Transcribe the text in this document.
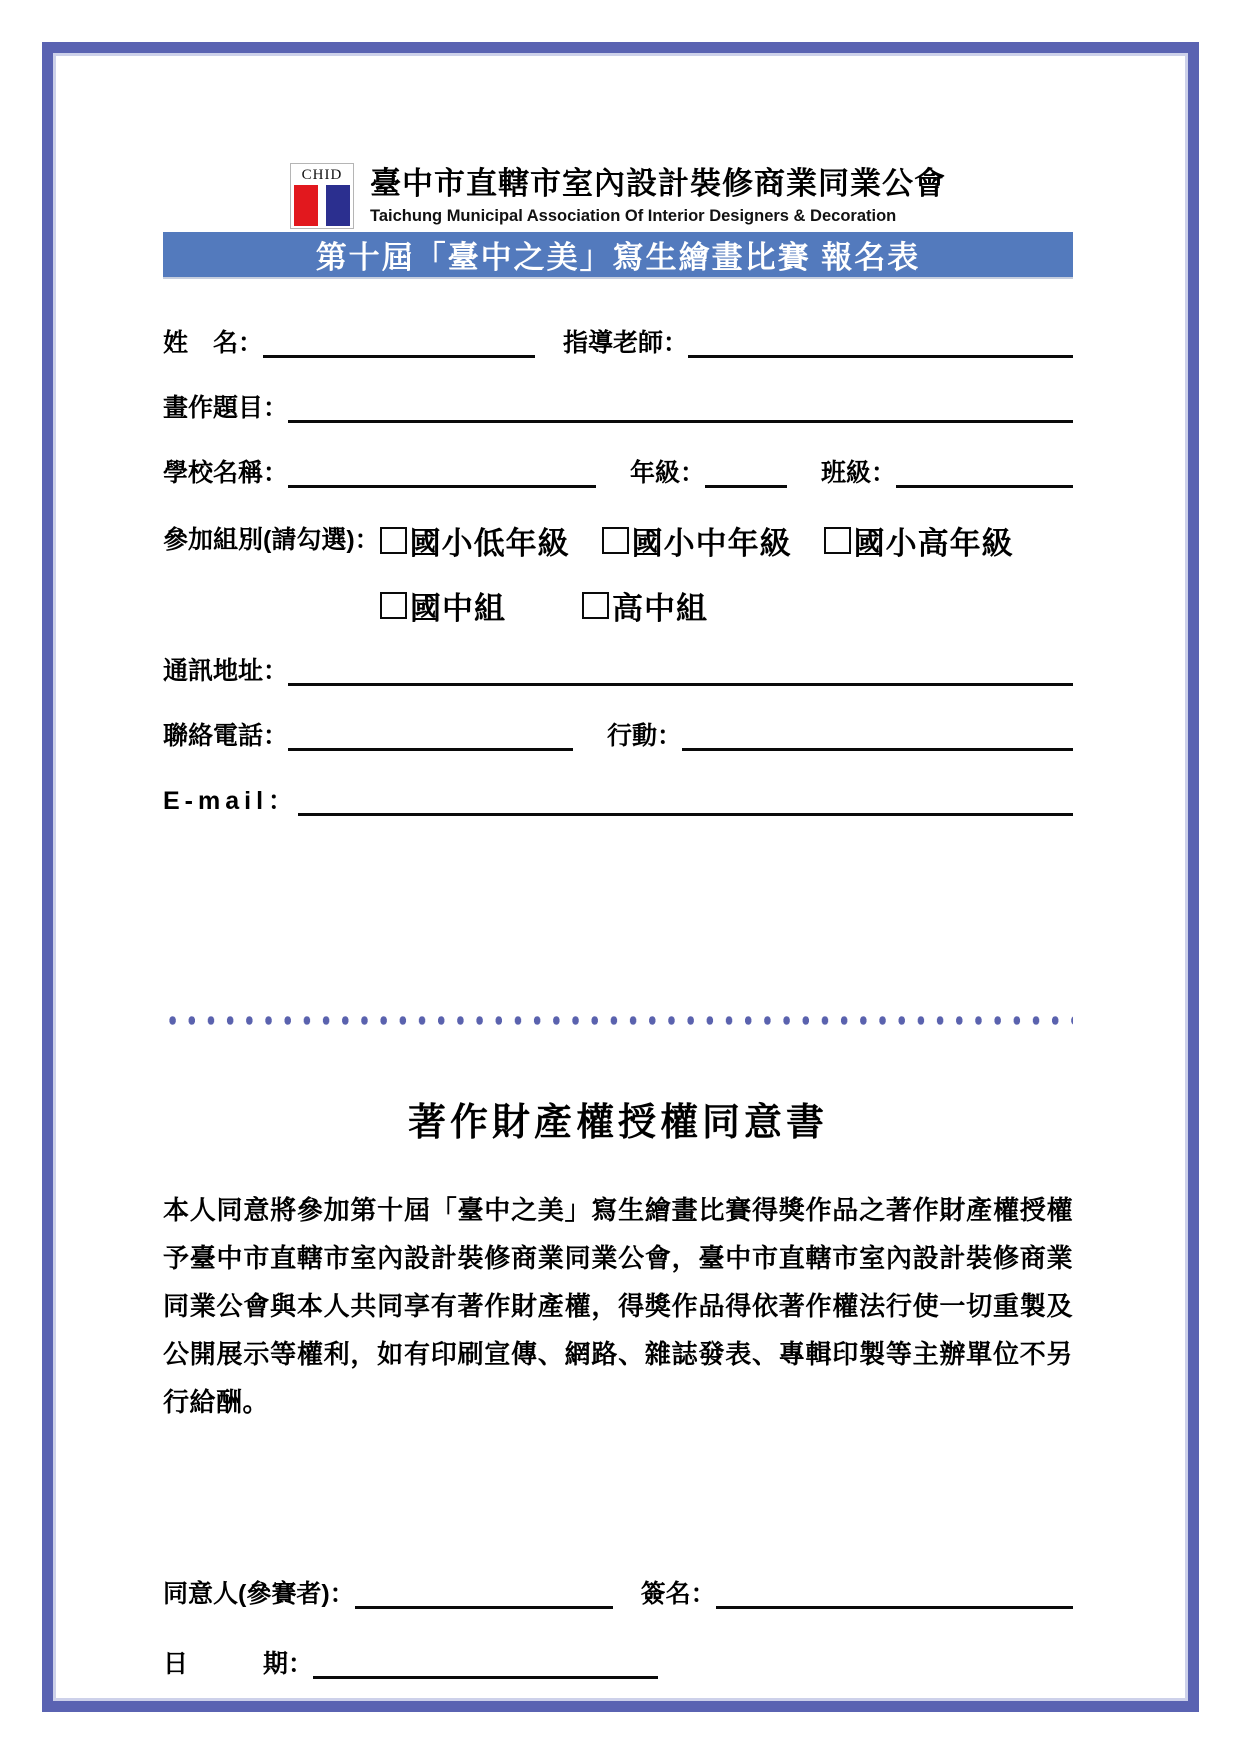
CHID 臺中市直轄市室內設計裝修商業同業公會
Taichung Municipal Association Of Interior Designers & Decoration
第十屆「臺中之美」寫生繪畫比賽 報名表
姓　名：	指導老師：
畫作題目：
學校名稱：	年級：	班級：
參加組別(請勾選)： 國小低年級 國小中年級 國小高年級
國中組	高中組
通訊地址：
聯絡電話：	行動：
E-mail：
著作財產權授權同意書
本人同意將參加第十屆「臺中之美」寫生繪畫比賽得獎作品之著作財產權授權予臺中市直轄市室內設計裝修商業同業公會，臺中市直轄市室內設計裝修商業同業公會與本人共同享有著作財產權，得獎作品得依著作權法行使一切重製及公開展示等權利，如有印刷宣傳、網路、雜誌發表、專輯印製等主辦單位不另行給酬。
同意人(參賽者)：	簽名：
日　　　期：
